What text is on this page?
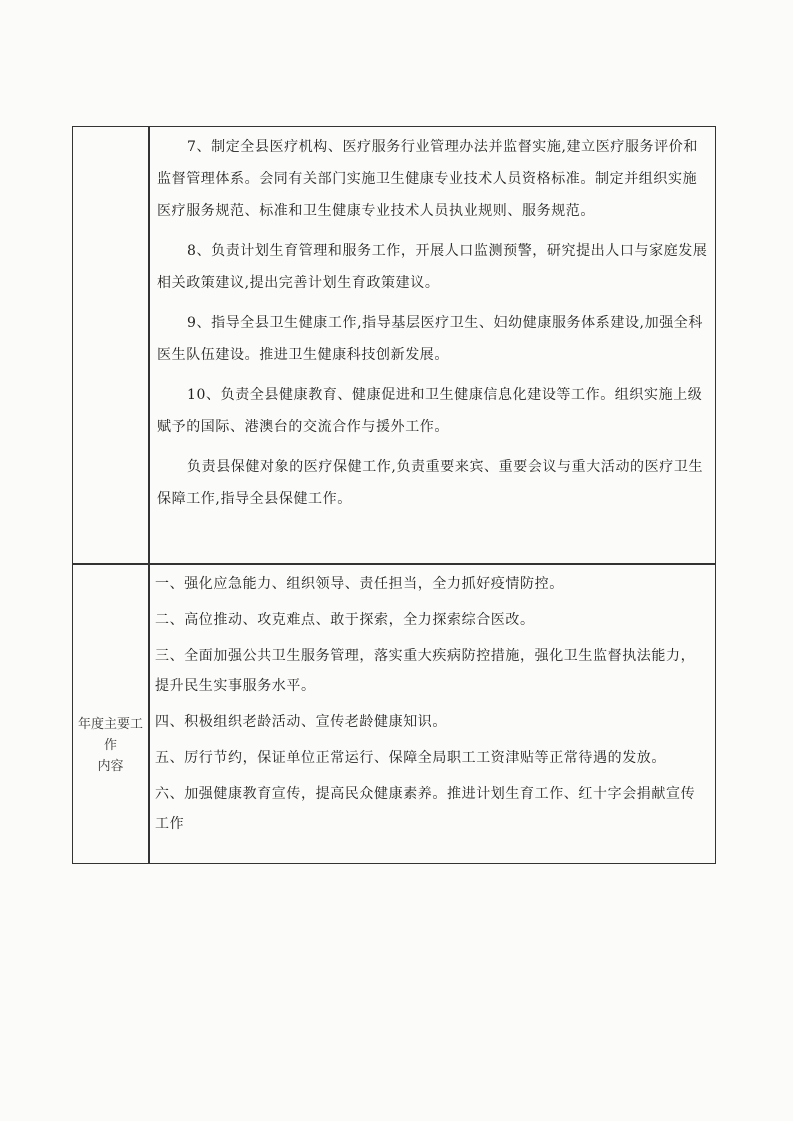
7、制定全县医疗机构、医疗服务行业管理办法并监督实施,建立医疗服务评价和监督管理体系。会同有关部门实施卫生健康专业技术人员资格标准。制定并组织实施医疗服务规范、标准和卫生健康专业技术人员执业规则、服务规范。

8、负责计划生育管理和服务工作，开展人口监测预警，研究提出人口与家庭发展相关政策建议,提出完善计划生育政策建议。

9、指导全县卫生健康工作,指导基层医疗卫生、妇幼健康服务体系建设,加强全科医生队伍建设。推进卫生健康科技创新发展。

10、负责全县健康教育、健康促进和卫生健康信息化建设等工作。组织实施上级赋予的国际、港澳台的交流合作与援外工作。

负责县保健对象的医疗保健工作,负责重要来宾、重要会议与重大活动的医疗卫生保障工作,指导全县保健工作。

年度主要工作
内容

一、强化应急能力、组织领导、责任担当，全力抓好疫情防控。

二、高位推动、攻克难点、敢于探索，全力探索综合医改。

三、全面加强公共卫生服务管理，落实重大疾病防控措施，强化卫生监督执法能力，提升民生实事服务水平。

四、积极组织老龄活动、宣传老龄健康知识。

五、厉行节约，保证单位正常运行、保障全局职工工资津贴等正常待遇的发放。

六、加强健康教育宣传，提高民众健康素养。推进计划生育工作、红十字会捐献宣传工作
